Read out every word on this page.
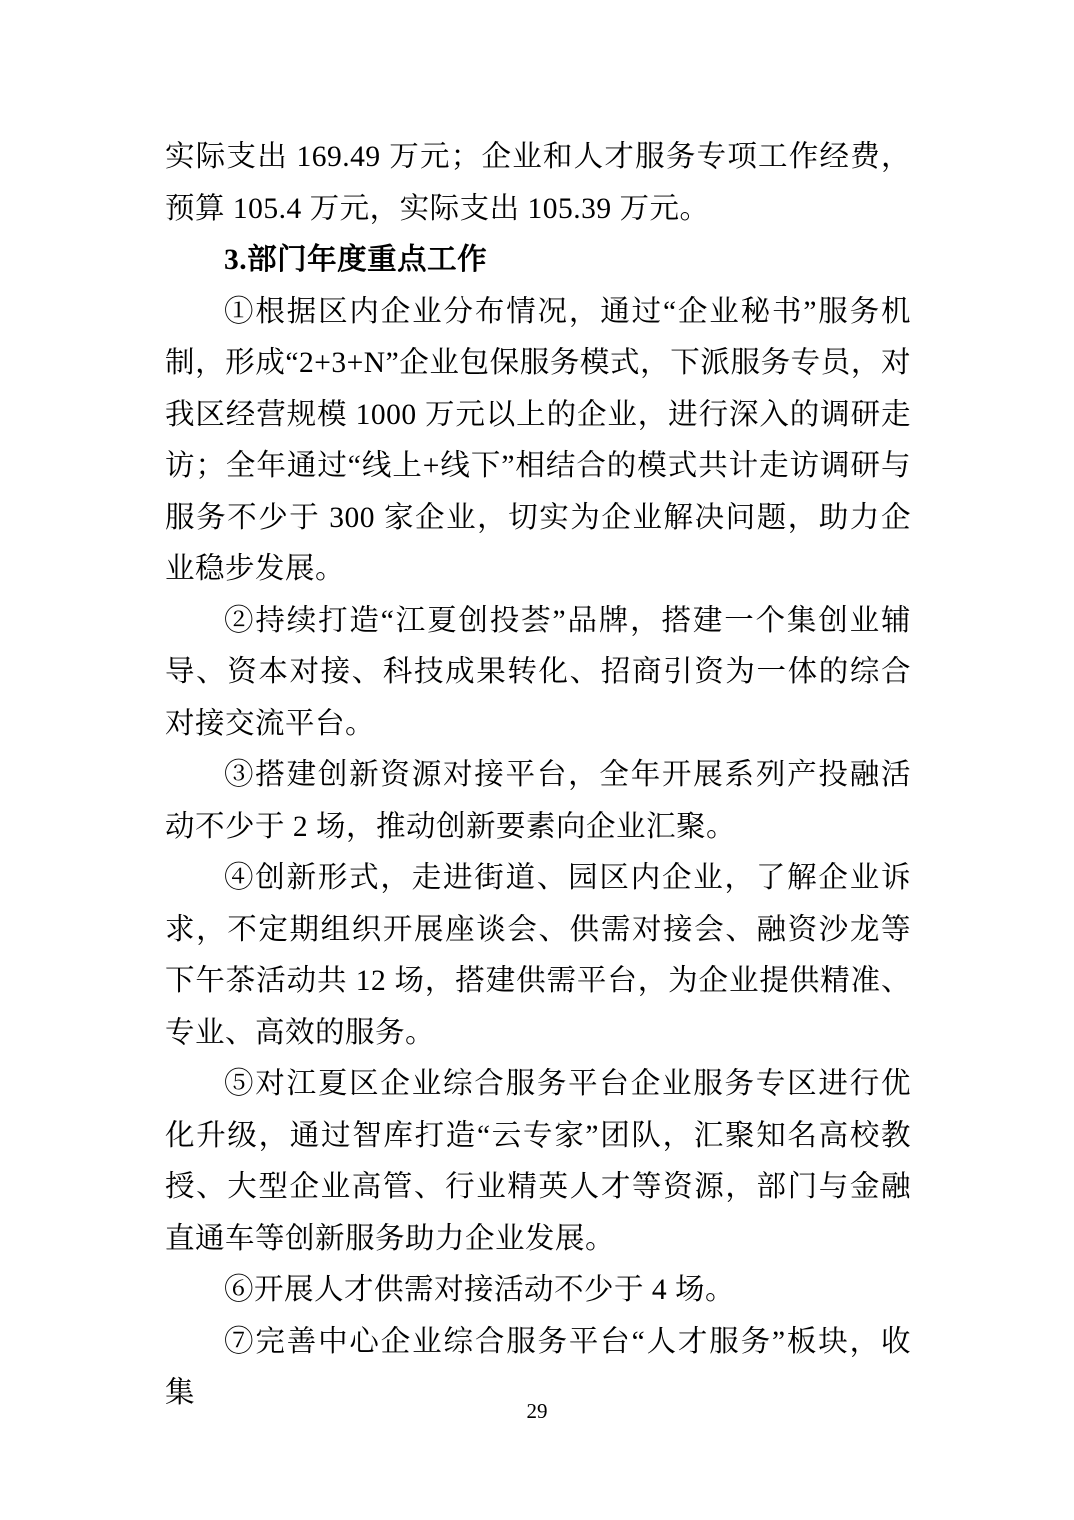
实际支出 169.49 万元；企业和人才服务专项工作经费，预算 105.4 万元，实际支出 105.39 万元。

3.部门年度重点工作

①根据区内企业分布情况，通过“企业秘书”服务机制，形成“2+3+N”企业包保服务模式，下派服务专员，对我区经营规模 1000 万元以上的企业，进行深入的调研走访；全年通过“线上+线下”相结合的模式共计走访调研与服务不少于 300 家企业，切实为企业解决问题，助力企业稳步发展。

②持续打造“江夏创投荟”品牌，搭建一个集创业辅导、资本对接、科技成果转化、招商引资为一体的综合对接交流平台。

③搭建创新资源对接平台，全年开展系列产投融活动不少于 2 场，推动创新要素向企业汇聚。

④创新形式，走进街道、园区内企业，了解企业诉求，不定期组织开展座谈会、供需对接会、融资沙龙等下午茶活动共 12 场，搭建供需平台，为企业提供精准、专业、高效的服务。

⑤对江夏区企业综合服务平台企业服务专区进行优化升级，通过智库打造“云专家”团队，汇聚知名高校教授、大型企业高管、行业精英人才等资源，部门与金融直通车等创新服务助力企业发展。

⑥开展人才供需对接活动不少于 4 场。

⑦完善中心企业综合服务平台“人才服务”板块，收集

29
